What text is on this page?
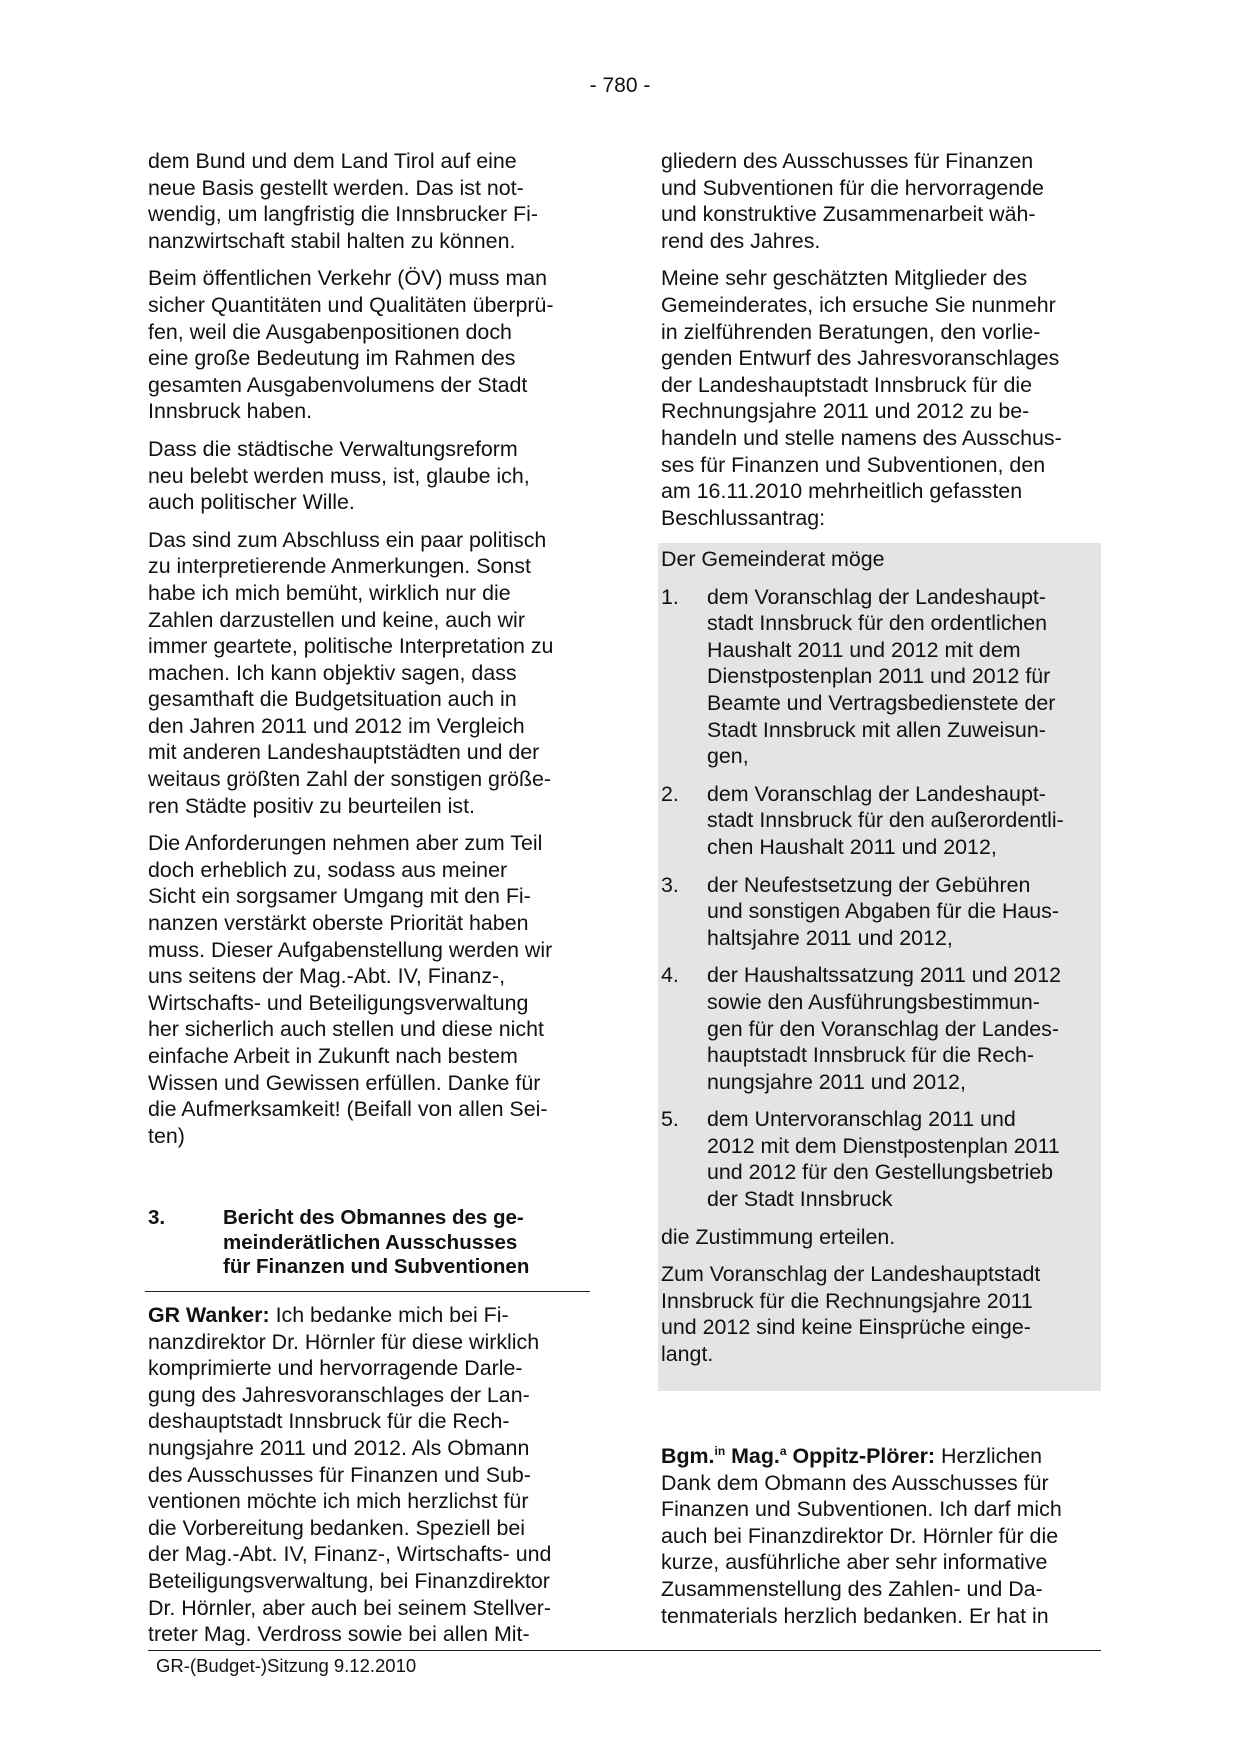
- 780 -

dem Bund und dem Land Tirol auf eine
neue Basis gestellt werden. Das ist not-
wendig, um langfristig die Innsbrucker Fi-
nanzwirtschaft stabil halten zu können.

Beim öffentlichen Verkehr (ÖV) muss man
sicher Quantitäten und Qualitäten überprü-
fen, weil die Ausgabenpositionen doch
eine große Bedeutung im Rahmen des
gesamten Ausgabenvolumens der Stadt
Innsbruck haben.

Dass die städtische Verwaltungsreform
neu belebt werden muss, ist, glaube ich,
auch politischer Wille.

Das sind zum Abschluss ein paar politisch
zu interpretierende Anmerkungen. Sonst
habe ich mich bemüht, wirklich nur die
Zahlen darzustellen und keine, auch wir
immer geartete, politische Interpretation zu
machen. Ich kann objektiv sagen, dass
gesamthaft die Budgetsituation auch in
den Jahren 2011 und 2012 im Vergleich
mit anderen Landeshauptstädten und der
weitaus größten Zahl der sonstigen größe-
ren Städte positiv zu beurteilen ist.

Die Anforderungen nehmen aber zum Teil
doch erheblich zu, sodass aus meiner
Sicht ein sorgsamer Umgang mit den Fi-
nanzen verstärkt oberste Priorität haben
muss. Dieser Aufgabenstellung werden wir
uns seitens der Mag.-Abt. IV, Finanz-,
Wirtschafts- und Beteiligungsverwaltung
her sicherlich auch stellen und diese nicht
einfache Arbeit in Zukunft nach bestem
Wissen und Gewissen erfüllen. Danke für
die Aufmerksamkeit! (Beifall von allen Sei-
ten)

3.	Bericht des Obmannes des ge-
meinderätlichen Ausschusses
für Finanzen und Subventionen
GR Wanker: Ich bedanke mich bei Fi-
nanzdirektor Dr. Hörnler für diese wirklich
komprimierte und hervorragende Darle-
gung des Jahresvoranschlages der Lan-
deshauptstadt Innsbruck für die Rech-
nungsjahre 2011 und 2012. Als Obmann
des Ausschusses für Finanzen und Sub-
ventionen möchte ich mich herzlichst für
die Vorbereitung bedanken. Speziell bei
der Mag.-Abt. IV, Finanz-, Wirtschafts- und
Beteiligungsverwaltung, bei Finanzdirektor
Dr. Hörnler, aber auch bei seinem Stellver-
treter Mag. Verdross sowie bei allen Mit-

gliedern des Ausschusses für Finanzen
und Subventionen für die hervorragende
und konstruktive Zusammenarbeit wäh-
rend des Jahres.

Meine sehr geschätzten Mitglieder des
Gemeinderates, ich ersuche Sie nunmehr
in zielführenden Beratungen, den vorlie-
genden Entwurf des Jahresvoranschlages
der Landeshauptstadt Innsbruck für die
Rechnungsjahre 2011 und 2012 zu be-
handeln und stelle namens des Ausschus-
ses für Finanzen und Subventionen, den
am 16.11.2010 mehrheitlich gefassten
Beschlussantrag:

Der Gemeinderat möge

1. dem Voranschlag der Landeshaupt-
stadt Innsbruck für den ordentlichen
Haushalt 2011 und 2012 mit dem
Dienstpostenplan 2011 und 2012 für
Beamte und Vertragsbedienstete der
Stadt Innsbruck mit allen Zuweisun-
gen,
2. dem Voranschlag der Landeshaupt-
stadt Innsbruck für den außerordentli-
chen Haushalt 2011 und 2012,
3. der Neufestsetzung der Gebühren
und sonstigen Abgaben für die Haus-
haltsjahre 2011 und 2012,
4. der Haushaltssatzung 2011 und 2012
sowie den Ausführungsbestimmun-
gen für den Voranschlag der Landes-
hauptstadt Innsbruck für die Rech-
nungsjahre 2011 und 2012,
5. dem Untervoranschlag 2011 und
2012 mit dem Dienstpostenplan 2011
und 2012 für den Gestellungsbetrieb
der Stadt Innsbruck

die Zustimmung erteilen.

Zum Voranschlag der Landeshauptstadt
Innsbruck für die Rechnungsjahre 2011
und 2012 sind keine Einsprüche einge-
langt.

Bgm.$^{in}$ Mag.$^a$ Oppitz-Plörer: Herzlichen
Dank dem Obmann des Ausschusses für
Finanzen und Subventionen. Ich darf mich
auch bei Finanzdirektor Dr. Hörnler für die
kurze, ausführliche aber sehr informative
Zusammenstellung des Zahlen- und Da-
tenmaterials herzlich bedanken. Er hat in
GR-(Budget-)Sitzung 9.12.2010
